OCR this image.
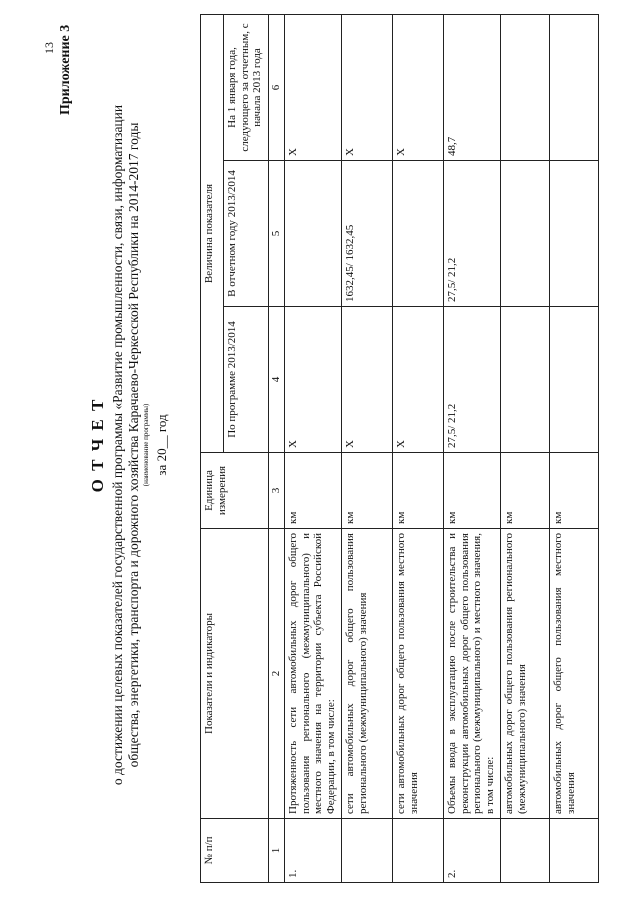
13 Приложение 3
О Т Ч Е Т о достижении целевых показателей государственной программы «Развитие промышленности, связи, информатизации общества, энергетики, транспорта и дорожного хозяйства Карачаево-Черкесской Республики на 2014-2017 годы (наименование программы) за 20__ год
№ п/п	Показатели и индикаторы	Единица измерения	Величина показателя		
			По программе 2013/2014	В отчетном году 2013/2014	На 1 января года, следующего за отчетным, с начала 2013 года
1	2	3	4	5	6
1.	Протяженность сети автомобильных дорог общего пользования регионального (межмуниципального) и местного значения на территории субъекта Российской Федерации, в том числе:	км	Х		Х
	сети автомобильных дорог общего пользования регионального (межмуниципального) значения	км	Х	1632,45/ 1632,45	Х
	сети автомобильных дорог общего пользования местного значения	км	Х		Х
2.	Объемы ввода в эксплуатацию после строительства и реконструкции автомобильных дорог общего пользования регионального (межмуниципального) и местного значения, в том числе:	км	27,5/ 21,2	27,5/ 21,2	48,7
	автомобильных дорог общего пользования регионального (межмуниципального) значения	км			
	автомобильных дорог общего пользования местного значения	км			
